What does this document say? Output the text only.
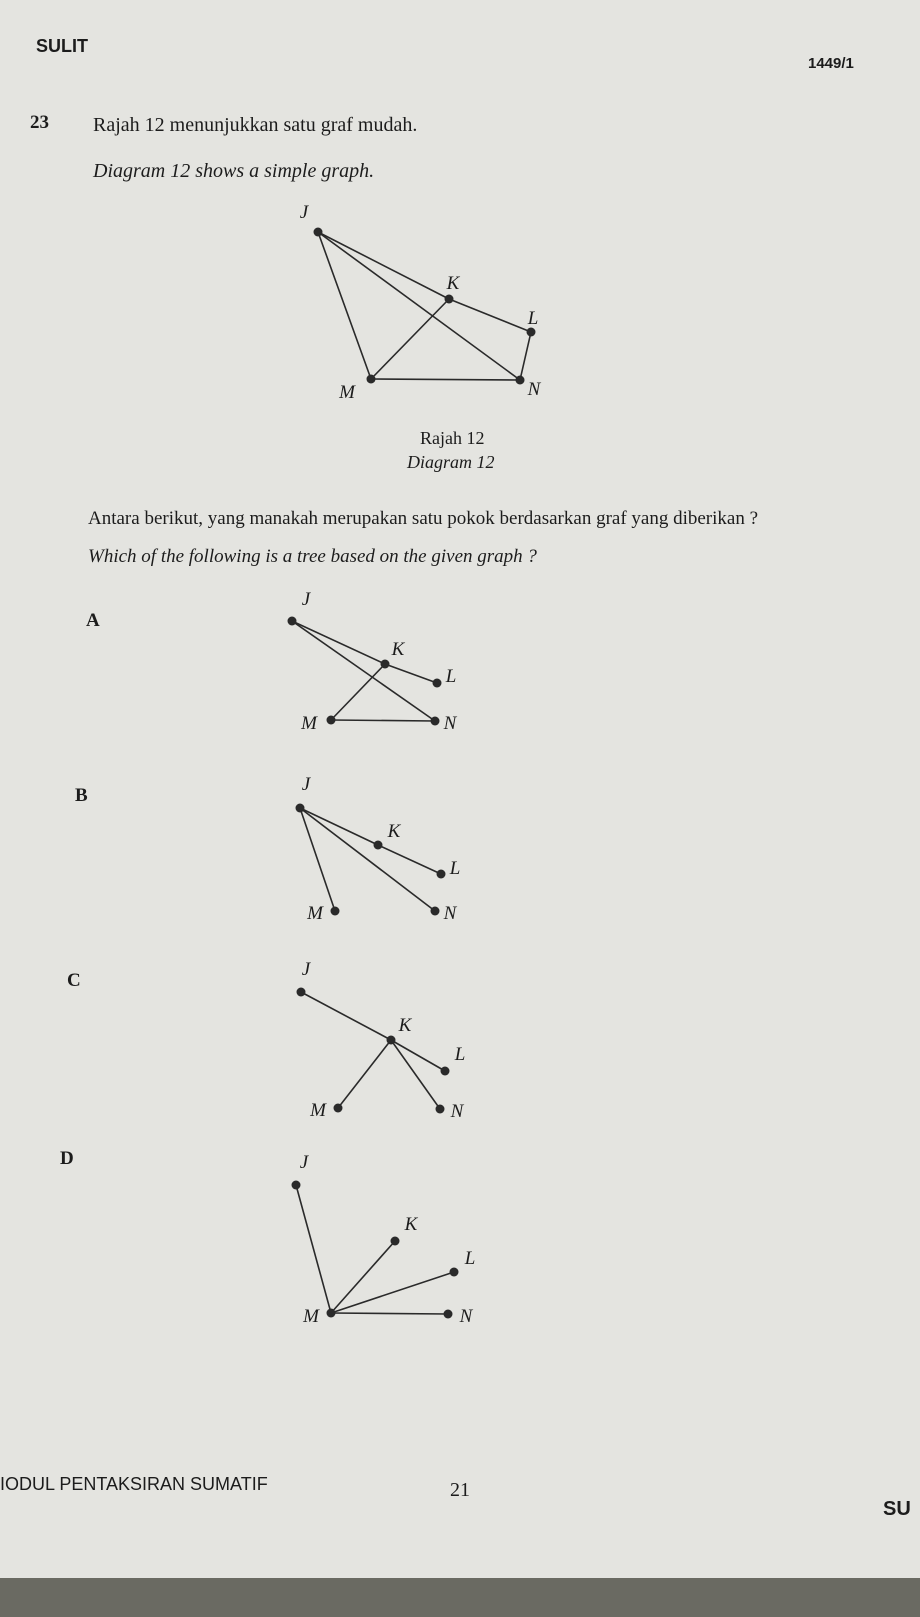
SULIT
1449/1
23 Rajah 12 menunjukkan satu graf mudah.
Diagram 12 shows a simple graph.
J
K
L
M	N
Rajah 12
Diagram 12
Antara berikut, yang manakah merupakan satu pokok berdasarkan graf yang diberikan ?
Which of the following is a tree based on the given graph ?
A
B
C
D
J
K
L
M	N
J
K
L
M	N
J
K
L
M	N
J
K
L
M	N
IODUL PENTAKSIRAN SUMATIF	21
SU
